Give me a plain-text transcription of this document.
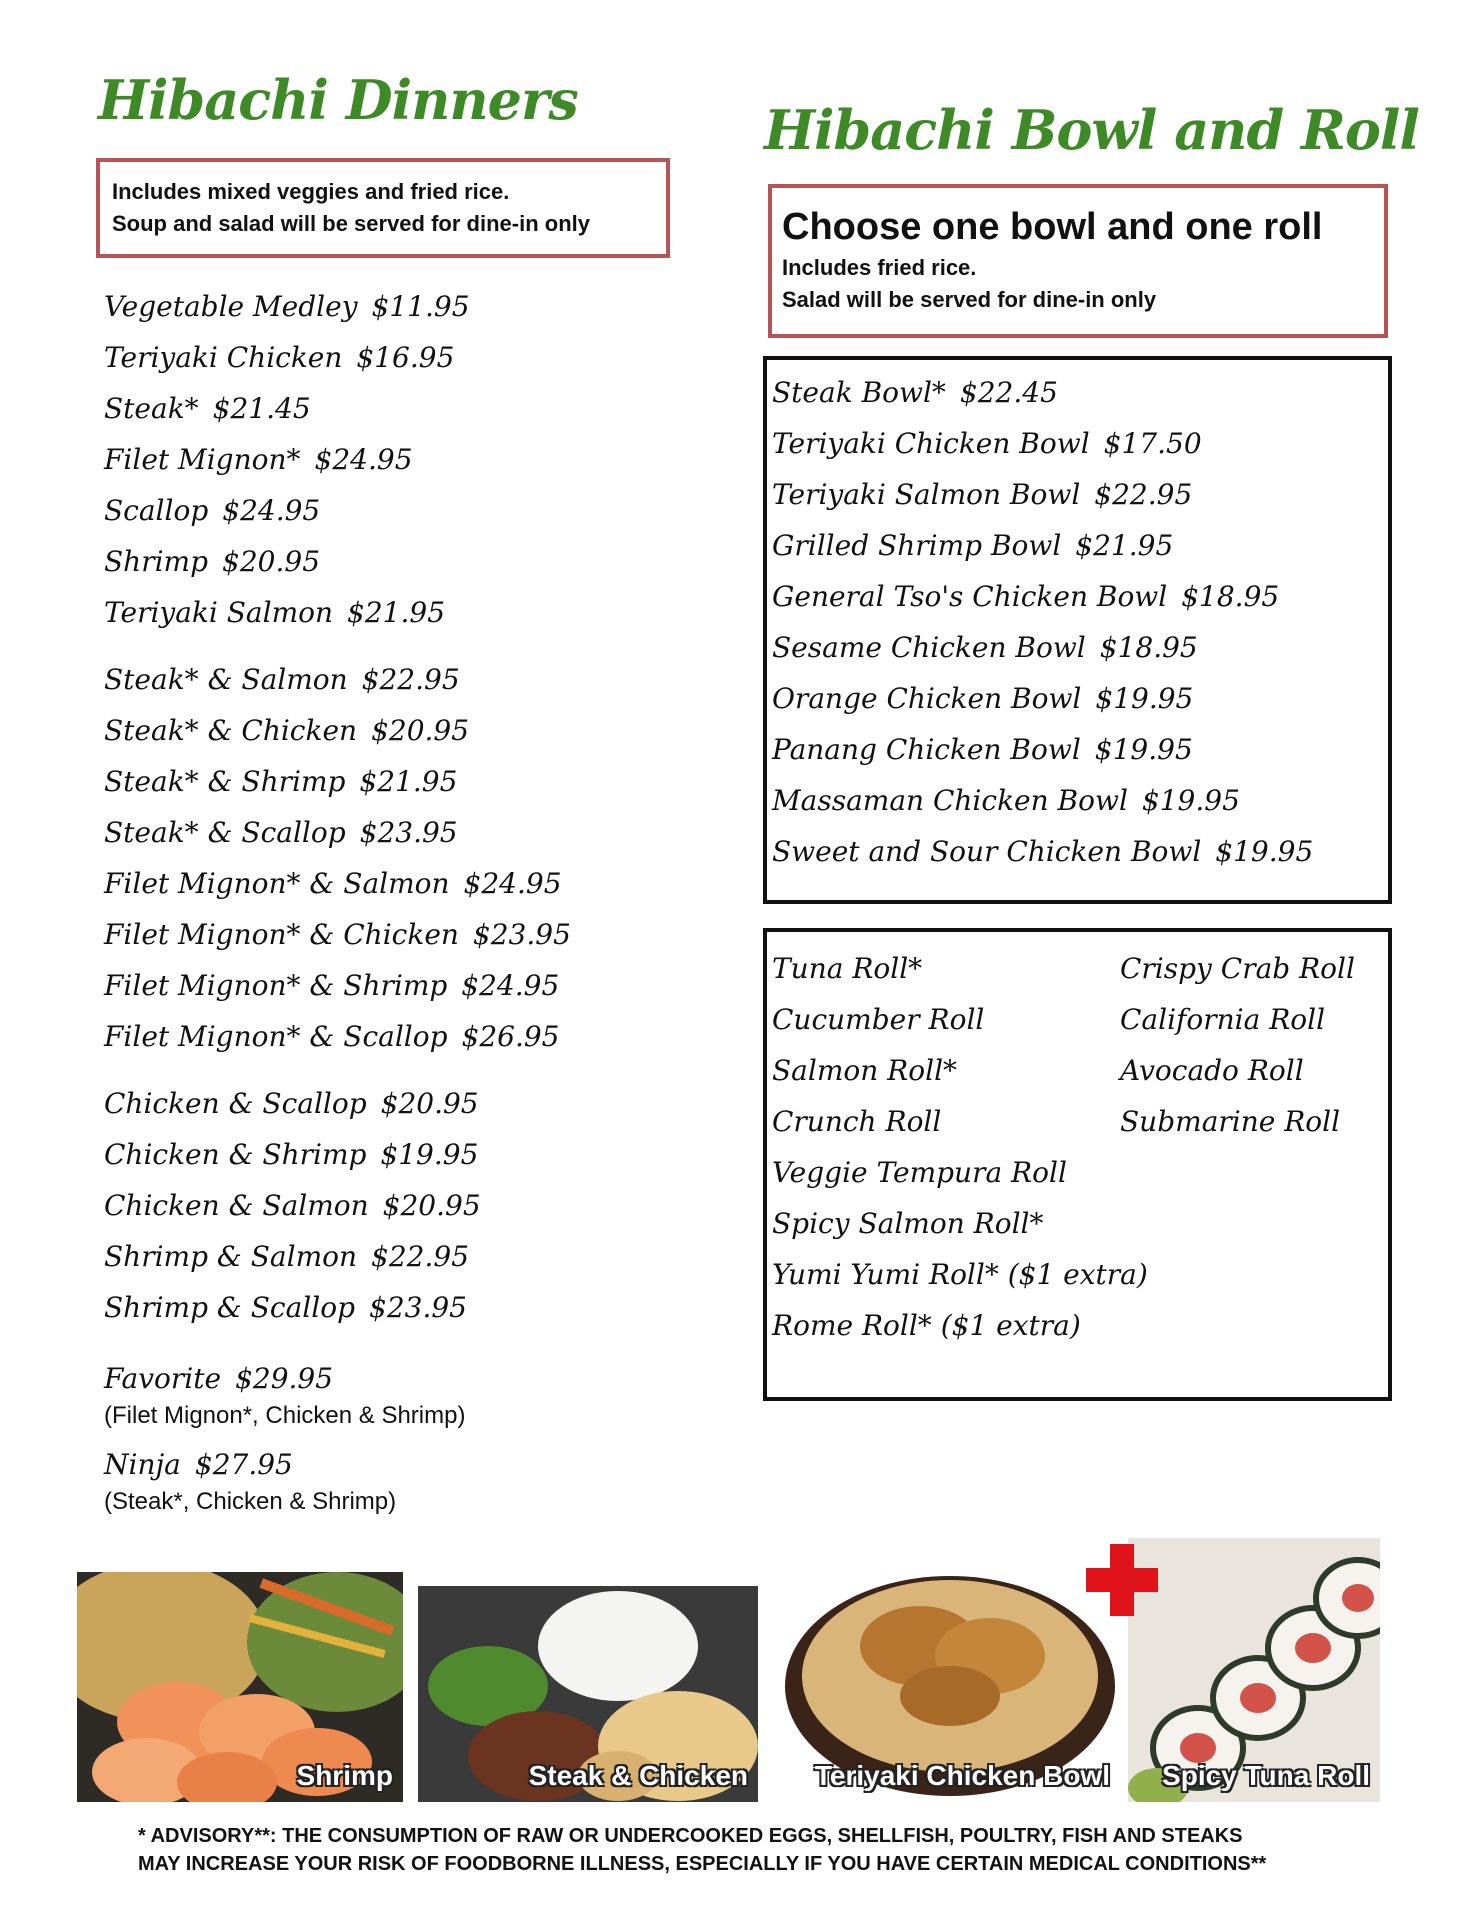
Hibachi Dinners
Includes mixed veggies and fried rice.
Soup and salad will be served for dine-in only
Vegetable Medley $11.95
Teriyaki Chicken $16.95
Steak* $21.45
Filet Mignon* $24.95
Scallop $24.95
Shrimp $20.95
Teriyaki Salmon $21.95
Steak* & Salmon $22.95
Steak* & Chicken $20.95
Steak* & Shrimp $21.95
Steak* & Scallop $23.95
Filet Mignon* & Salmon $24.95
Filet Mignon* & Chicken $23.95
Filet Mignon* & Shrimp $24.95
Filet Mignon* & Scallop $26.95
Chicken & Scallop $20.95
Chicken & Shrimp $19.95
Chicken & Salmon $20.95
Shrimp & Salmon $22.95
Shrimp & Scallop $23.95
Favorite $29.95
(Filet Mignon*, Chicken & Shrimp)
Ninja $27.95
(Steak*, Chicken & Shrimp)
Hibachi Bowl and Roll
Choose one bowl and one roll
Includes fried rice.
Salad will be served for dine-in only
Steak Bowl* $22.45
Teriyaki Chicken Bowl $17.50
Teriyaki Salmon Bowl $22.95
Grilled Shrimp Bowl $21.95
General Tso's Chicken Bowl $18.95
Sesame Chicken Bowl $18.95
Orange Chicken Bowl $19.95
Panang Chicken Bowl $19.95
Massaman Chicken Bowl $19.95
Sweet and Sour Chicken Bowl $19.95
Tuna Roll*
Cucumber Roll
Salmon Roll*
Crunch Roll
Veggie Tempura Roll
Spicy Salmon Roll*
Yumi Yumi Roll* ($1 extra)
Rome Roll* ($1 extra)
Crispy Crab Roll
California Roll
Avocado Roll
Submarine Roll
Shrimp	Steak & Chicken Teriyaki Chicken Bowl Spicy Tuna Roll
* ADVISORY**: THE CONSUMPTION OF RAW OR UNDERCOOKED EGGS, SHELLFISH, POULTRY, FISH AND STEAKS
MAY INCREASE YOUR RISK OF FOODBORNE ILLNESS, ESPECIALLY IF YOU HAVE CERTAIN MEDICAL CONDITIONS**
